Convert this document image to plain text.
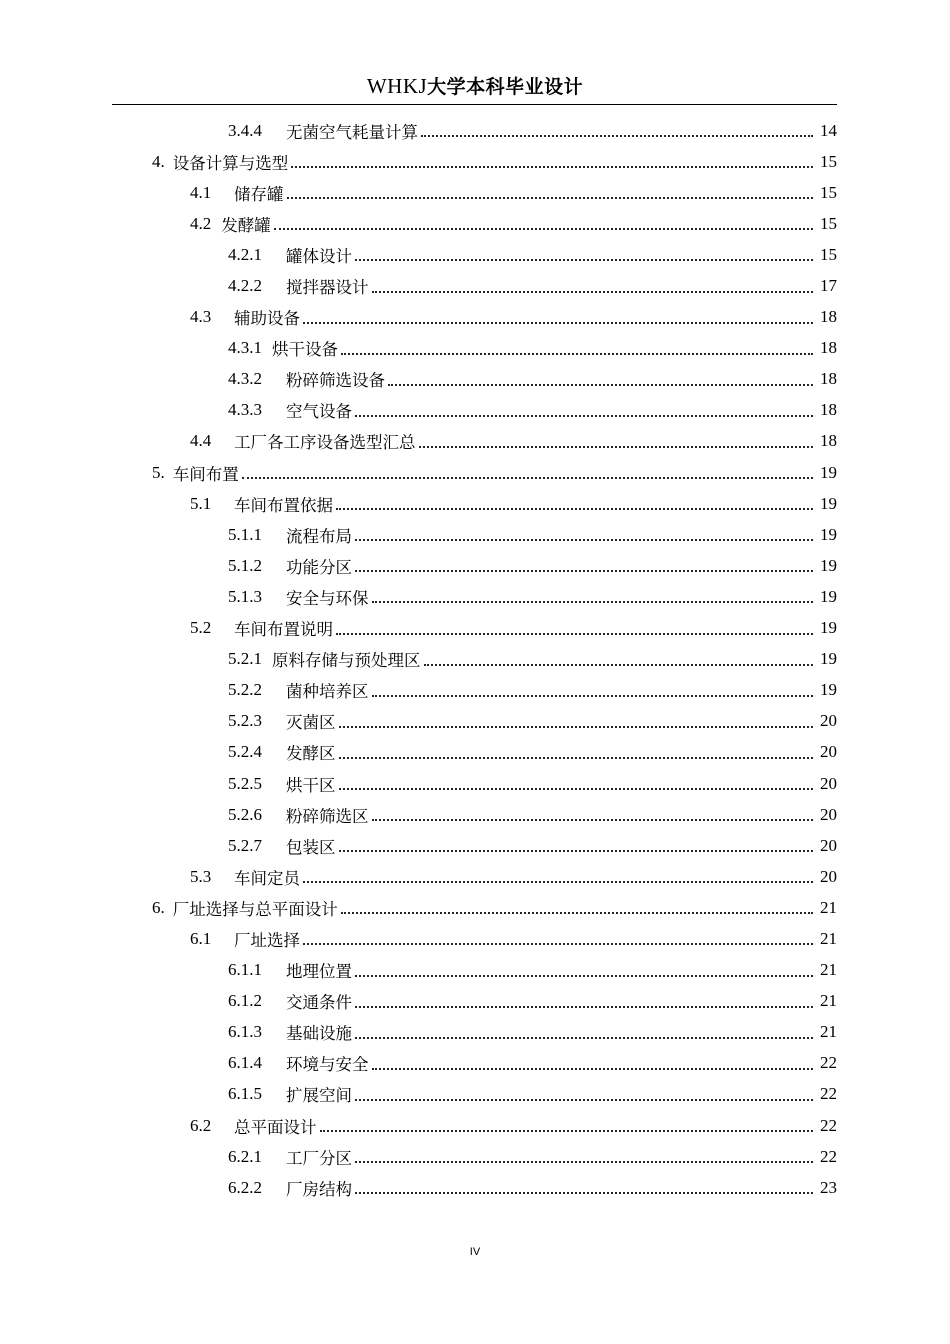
WHKJ大学本科毕业设计
3.4.4	无菌空气耗量计算	14
4. 设备计算与选型	15
4.1	储存罐	15
4.2 发酵罐	15
4.2.1	罐体设计	15
4.2.2	搅拌器设计	17
4.3	辅助设备	18
4.3.1 烘干设备	18
4.3.2	粉碎筛选设备	18
4.3.3	空气设备	18
4.4	工厂各工序设备选型汇总	18
5. 车间布置	19
5.1	车间布置依据	19
5.1.1	流程布局	19
5.1.2	功能分区	19
5.1.3	安全与环保	19
5.2	车间布置说明	19
5.2.1 原料存储与预处理区	19
5.2.2	菌种培养区	19
5.2.3	灭菌区	20
5.2.4	发酵区	20
5.2.5	烘干区	20
5.2.6	粉碎筛选区	20
5.2.7	包装区	20
5.3	车间定员	20
6. 厂址选择与总平面设计	21
6.1	厂址选择	21
6.1.1	地理位置	21
6.1.2	交通条件	21
6.1.3	基础设施	21
6.1.4	环境与安全	22
6.1.5	扩展空间	22
6.2	总平面设计	22
6.2.1	工厂分区	22
6.2.2	厂房结构	23
IV
